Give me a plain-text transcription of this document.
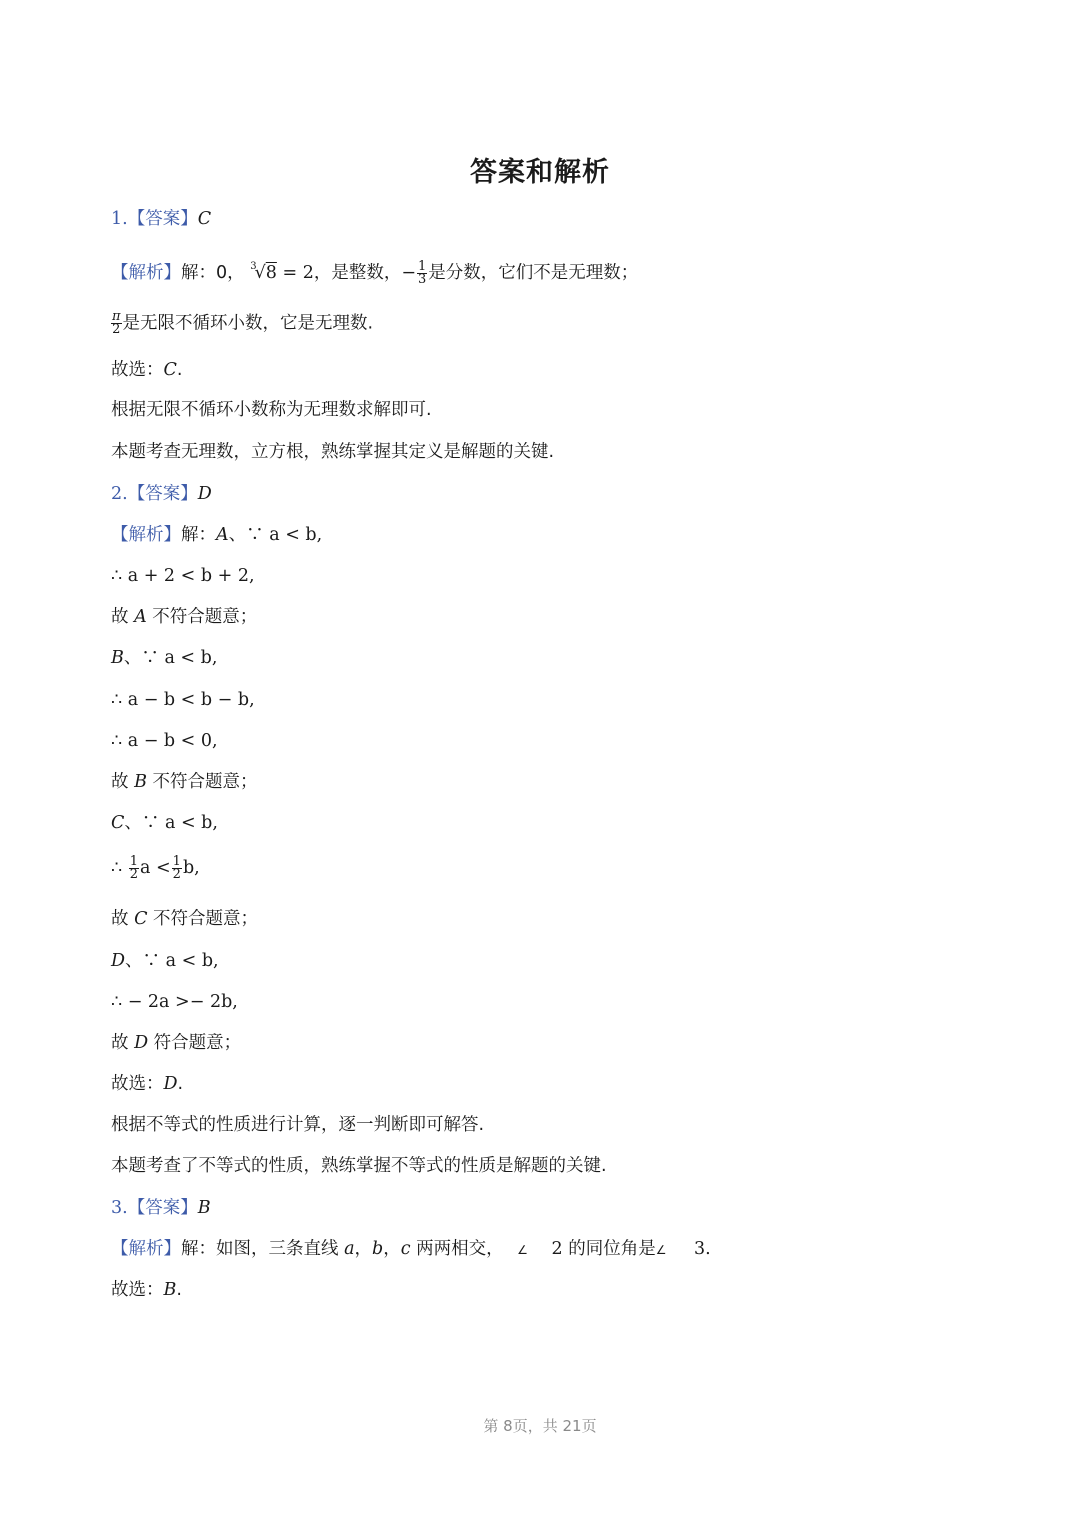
答案和解析
1.【答案】C
【解析】解：0， $^3$√8 = 2，是整数，− $\frac{1}{3}$ 是分数，它们不是无理数；
$\frac{\pi}{2}$ 是无限不循环小数，它是无理数.
故选：C.
根据无限不循环小数称为无理数求解即可.
本题考查无理数，立方根，熟练掌握其定义是解题的关键.
2.【答案】D
【解析】解：A、∵ a < b,
∴ a + 2 < b + 2,
故 A 不符合题意；
B、∵ a < b,
∴ a − b < b − b,
∴ a − b < 0,
故 B 不符合题意；
C、∵ a < b,
∴ $\frac{1}{2}$ $a < \frac{1}{2} b$,
故 C 不符合题意；
D、∵ a < b,
∴ − 2a >− 2b,
故 D 符合题意；
故选：D.
根据不等式的性质进行计算，逐一判断即可解答.
本题考查了不等式的性质，熟练掌握不等式的性质是解题的关键.
3.【答案】B
【解析】解：如图，三条直线 a，b，c 两两相交， ∠ 2 的同位角是∠ 3.
故选：B.
第 8页，共 21页
